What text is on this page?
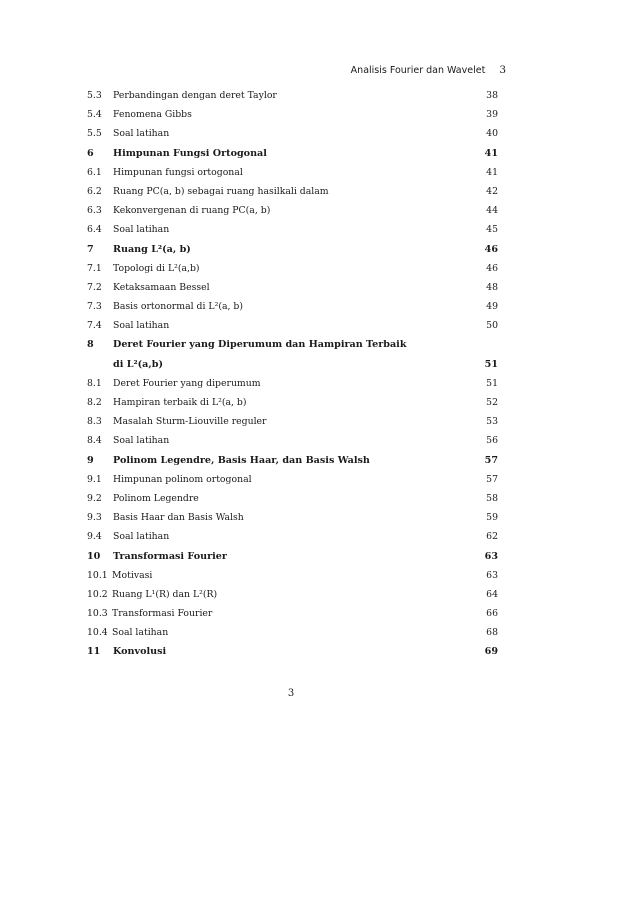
Analisis Fourier dan Wavelet 3
5.3	Perbandingan dengan deret Taylor	38
5.4	Fenomena Gibbs	39
5.5	Soal latihan	40
6	Himpunan Fungsi Ortogonal	41
6.1	Himpunan fungsi ortogonal	41
6.2	Ruang PC(a, b) sebagai ruang hasilkali dalam	42
6.3	Kekonvergenan di ruang PC(a, b)	44
6.4	Soal latihan	45
7	Ruang L²(a, b)	46
7.1	Topologi di L²(a,b)	46
7.2	Ketaksamaan Bessel	48
7.3	Basis ortonormal di L²(a, b)	49
7.4	Soal latihan	50
8	Deret Fourier yang Diperumum dan Hampiran Terbaik
di L²(a,b)	51
8.1	Deret Fourier yang diperumum	51
8.2	Hampiran terbaik di L²(a, b)	52
8.3	Masalah Sturm-Liouville reguler	53
8.4	Soal latihan	56
9	Polinom Legendre, Basis Haar, dan Basis Walsh	57
9.1	Himpunan polinom ortogonal	57
9.2	Polinom Legendre	58
9.3	Basis Haar dan Basis Walsh	59
9.4	Soal latihan	62
10	Transformasi Fourier	63
10.1 Motivasi	63
10.2 Ruang L¹(R) dan L²(R)	64
10.3 Transformasi Fourier	66
10.4 Soal latihan	68
11	Konvolusi	69
3
